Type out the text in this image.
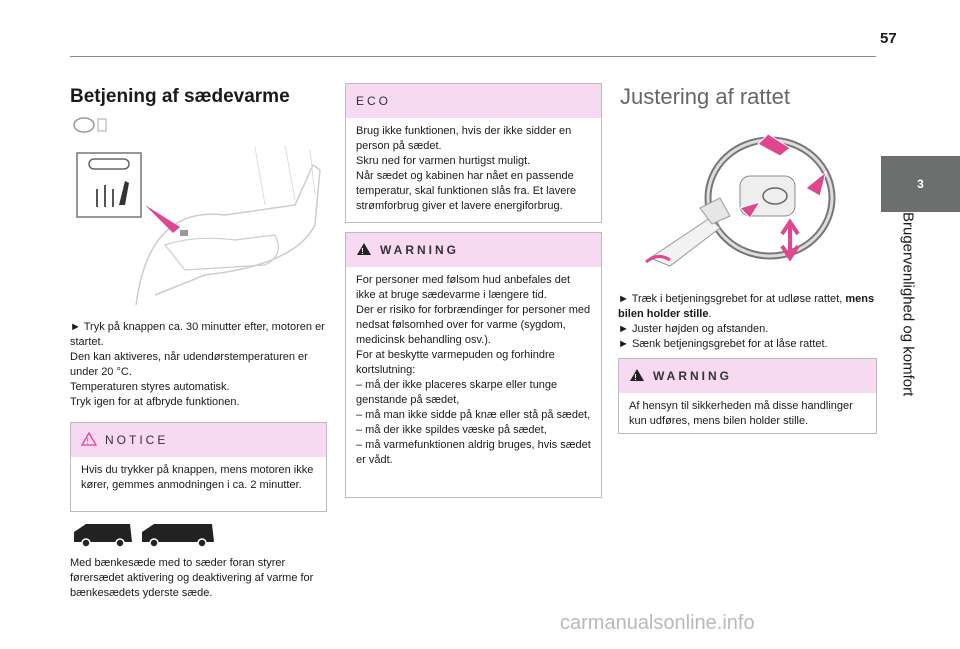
57
3
Brugervenlighed og komfort
Betjening af sædevarme

► Tryk på knappen ca. 30 minutter efter, motoren er startet.

Den kan aktiveres, når udendørstemperaturen er under 20 °C.

Temperaturen styres automatisk.

Tryk igen for at afbryde funktionen.

! NOTICE

Hvis du trykker på knappen, mens motoren ikke kører, gemmes anmodningen i ca. 2 minutter.

Med bænkesæde med to sæder foran styrer førersædet aktivering og deaktivering af varme for bænkesædets yderste sæde.
ECO

Brug ikke funktionen, hvis der ikke sidder en person på sædet.

Skru ned for varmen hurtigst muligt.

Når sædet og kabinen har nået en passende temperatur, skal funktionen slås fra. Et lavere strømforbrug giver et lavere energiforbrug.

! WARNING

For personer med følsom hud anbefales det ikke at bruge sædevarme i længere tid.

Der er risiko for forbrændinger for personer med nedsat følsomhed over for varme (sygdom, medicinsk behandling osv.).

For at beskytte varmepuden og forhindre kortslutning:

– må der ikke placeres skarpe eller tunge genstande på sædet,

– må man ikke sidde på knæ eller stå på sædet,

– må der ikke spildes væske på sædet,

– må varmefunktionen aldrig bruges, hvis sædet er vådt.

Justering af rattet

► Træk i betjeningsgrebet for at udløse rattet, mens bilen holder stille.

► Juster højden og afstanden.

► Sænk betjeningsgrebet for at låse rattet.

! WARNING

Af hensyn til sikkerheden må disse handlinger kun udføres, mens bilen holder stille.

carmanualsonline.info
